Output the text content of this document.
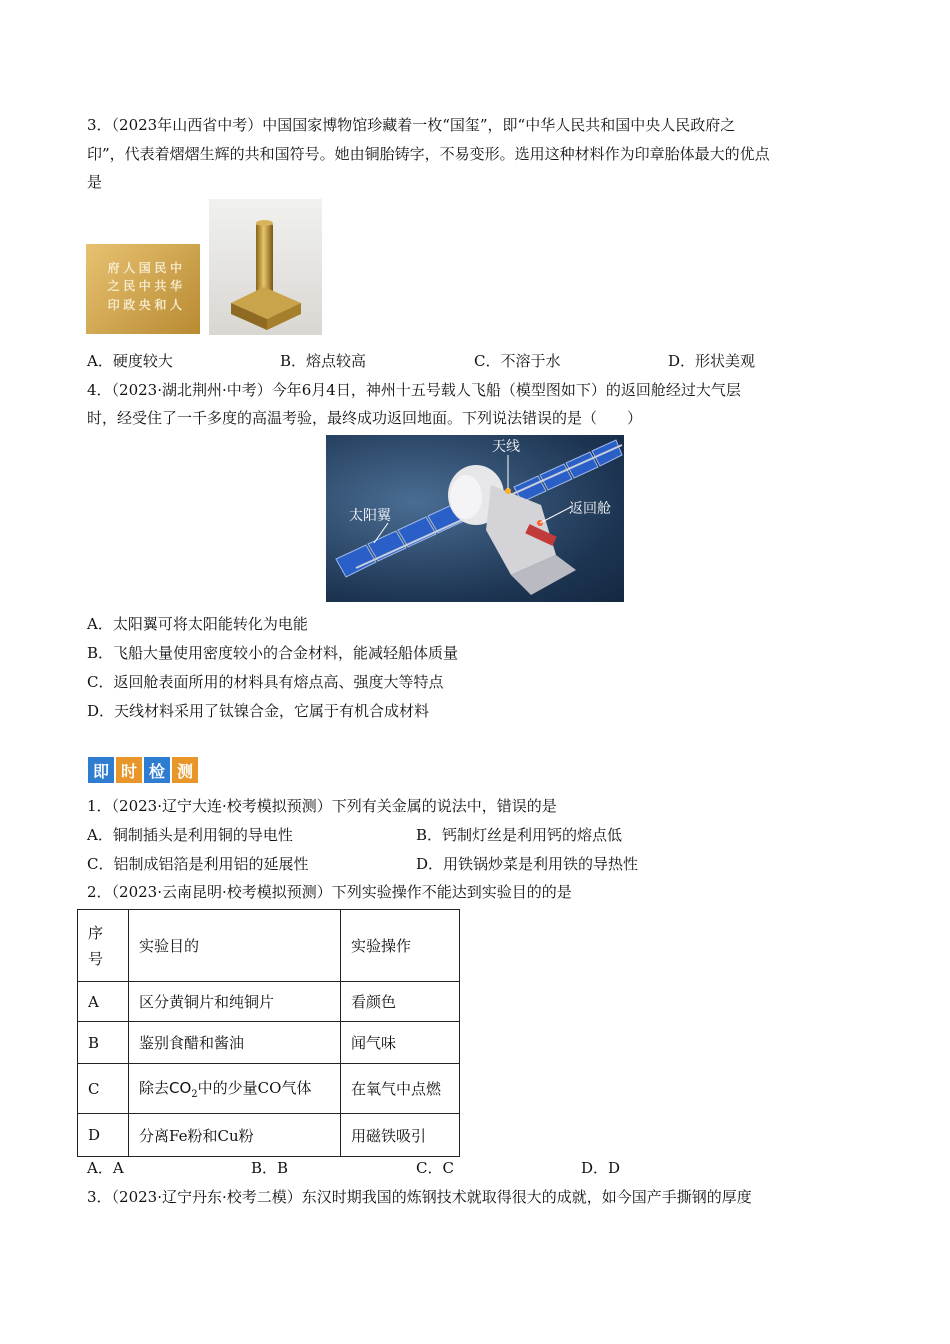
3．（2023年山西省中考）中国国家博物馆珍藏着一枚“国玺”，即“中华人民共和国中央人民政府之
印”，代表着熠熠生辉的共和国符号。她由铜胎铸字，不易变形。选用这种材料作为印章胎体最大的优点
是
中
民
国
人
府
华
共
中
民
之
人
和
央
政
印
A．硬度较大	B．熔点较高	C．不溶于水	D．形状美观
4．（2023·湖北荆州·中考）今年6月4日，神州十五号载人飞船（模型图如下）的返回舱经过大气层
时，经受住了一千多度的高温考验，最终成功返回地面。下列说法错误的是（　　）
天线
返回舱
太阳翼
A．太阳翼可将太阳能转化为电能
B．飞船大量使用密度较小的合金材料，能减轻船体质量
C．返回舱表面所用的材料具有熔点高、强度大等特点
D．天线材料采用了钛镍合金，它属于有机合成材料
即 时 检 测
1．（2023·辽宁大连·校考模拟预测）下列有关金属的说法中，错误的是
A．铜制插头是利用铜的导电性	B．钙制灯丝是利用钙的熔点低
C．铝制成铝箔是利用铝的延展性	D．用铁锅炒菜是利用铁的导热性
2．（2023·云南昆明·校考模拟预测）下列实验操作不能达到实验目的的是
序
号	实验目的	实验操作
A	区分黄铜片和纯铜片	看颜色
B	鉴别食醋和酱油	闻气味
C	除去$CO_2$中的少量CO气体	在氧气中点燃
D	分离Fe粉和Cu粉	用磁铁吸引
A．A	B．B	C．C	D．D
3．（2023·辽宁丹东·校考二模）东汉时期我国的炼钢技术就取得很大的成就，如今国产手撕钢的厚度
